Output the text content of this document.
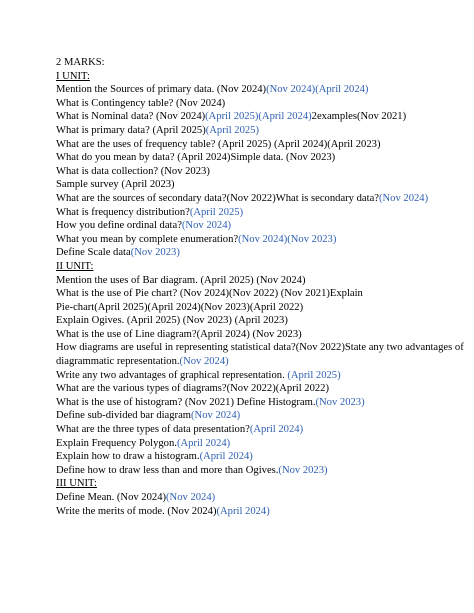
2 MARKS:
I UNIT:
Mention the Sources of primary data. (Nov 2024)(Nov 2024)(April 2024)
What is Contingency table? (Nov 2024)
What is Nominal data? (Nov 2024)(April 2025)(April 2024)2examples(Nov 2021)
What is primary data? (April 2025)(April 2025)
What are the uses of frequency table? (April 2025) (April 2024)(April 2023)
What do you mean by data? (April 2024)Simple data. (Nov 2023)
What is data collection? (Nov 2023)
Sample survey (April 2023)
What are the sources of secondary data?(Nov 2022)What is secondary data?(Nov 2024)
What is frequency distribution?(April 2025)
How you define ordinal data?(Nov 2024)
What you mean by complete enumeration?(Nov 2024)(Nov 2023)
Define Scale data(Nov 2023)
II UNIT:
Mention the uses of Bar diagram. (April 2025) (Nov 2024)
What is the use of Pie chart? (Nov 2024)(Nov 2022) (Nov 2021)Explain
Pie-chart(April 2025)(April 2024)(Nov 2023)(April 2022)
Explain Ogives. (April 2025) (Nov 2023) (April 2023)
What is the use of Line diagram?(April 2024) (Nov 2023)
How diagrams are useful in representing statistical data?(Nov 2022)State any two advantages of diagrammatic representation.(Nov 2024)
Write any two advantages of graphical representation. (April 2025)
What are the various types of diagrams?(Nov 2022)(April 2022)
What is the use of histogram? (Nov 2021) Define Histogram.(Nov 2023)
Define sub-divided bar diagram(Nov 2024)
What are the three types of data presentation?(April 2024)
Explain Frequency Polygon.(April 2024)
Explain how to draw a histogram.(April 2024)
Define how to draw less than and more than Ogives.(Nov 2023)
III UNIT:
Define Mean. (Nov 2024)(Nov 2024)
Write the merits of mode. (Nov 2024)(April 2024)
